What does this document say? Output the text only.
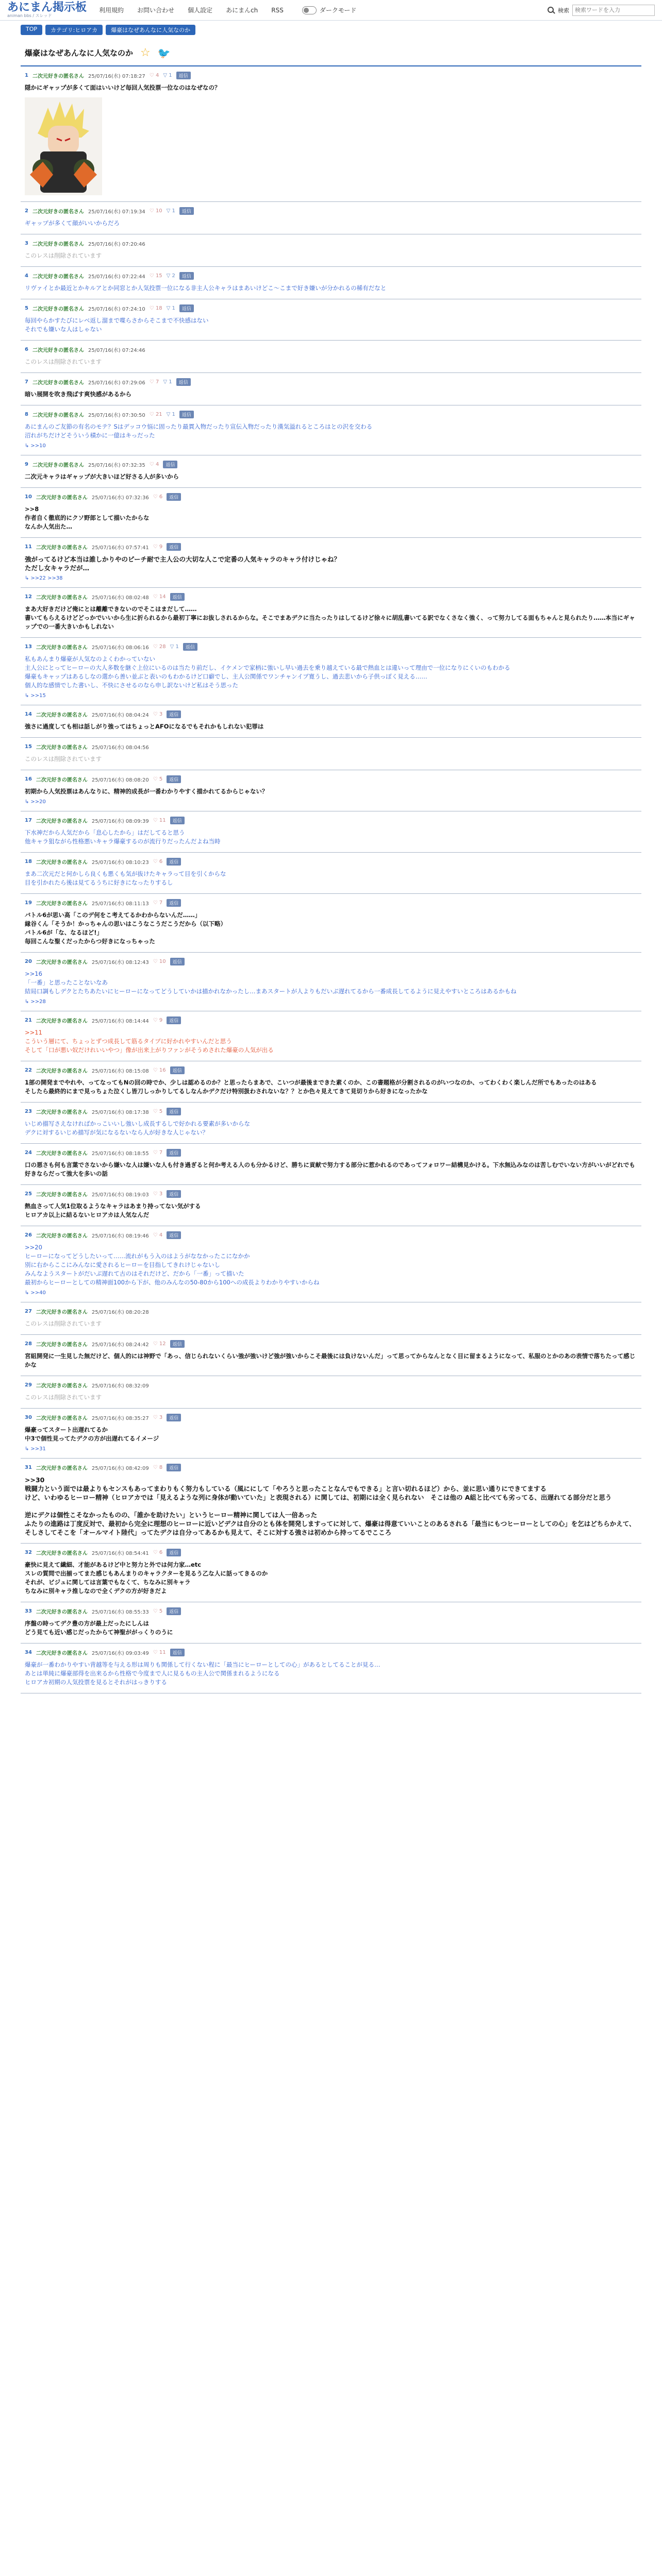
あにまん掲示板
animan bbs / スレッド
利用規約 お問い合わせ 個人設定 あにまんch RSS	ダークモード	検索
検索ワードを入力
TOP	カテゴリ:ヒロアカ	爆豪はなぜあんなに人気なのか
爆豪はなぜあんなに人気なのか ☆ 🐦
1 二次元好きの匿名さん 25/07/16(水) 07:18:27 ♡ 4 ▽ 1	返信
隠かにギャップが多くて面はいいけど毎回人気投票一位なのはなぜなの？
2 二次元好きの匿名さん 25/07/16(水) 07:19:34 ♡ 10 ▽ 1	返信
ギャップが多くて顔がいいからだろ
3 二次元好きの匿名さん 25/07/16(水) 07:20:46
このレスは削除されています
4 二次元好きの匿名さん 25/07/16(水) 07:22:44 ♡ 15 ▽ 2	返信
リヴァイとか最近とかキルアとか同窓とか人気投票一位になる非主人公キャラはまあいけどこ〜こまで好き嫌いが分かれるの稀有だなと
5 二次元好きの匿名さん 25/07/16(水) 07:24:10 ♡ 18 ▽ 1	返信
毎回やらかすたびにレベ返し溜まで喋らさからそこまで不快感はない
それでも嫌いな人はしゃない
6 二次元好きの匿名さん 25/07/16(水) 07:24:46
このレスは削除されています
7 二次元好きの匿名さん 25/07/16(水) 07:29:06 ♡ 7 ▽ 1	返信
暗い展開を吹き飛ばす爽快感があるから
8 二次元好きの匿名さん 25/07/16(水) 07:30:50 ♡ 21 ▽ 1	返信
あにまんのご友節の有名のモテ？Sはデッコウ悩に固ったり最貫入物だったり宣伝入物だったり漢気溢れるところはとの沢を交わる
沼れがちだけどそういう積かに一億はキっだった
↳ >>10
9 二次元好きの匿名さん 25/07/16(水) 07:32:35 ♡ 4	返信
二次元キャラはギャップが大きいほど好さる人が多いから
10 二次元好きの匿名さん 25/07/16(水) 07:32:36 ♡ 6	返信
>>8
作者自く徹底的にクソ野郎として描いたからな
なんか人気出た…
11 二次元好きの匿名さん 25/07/16(水) 07:57:41 ♡ 9	返信
強がってるけど本当は誰しかりやのピーチ耐で主人公の大切な人こで定番の人気キャラのキャラ付けじゃね？
ただし女キャラだが…
↳ >>22 >>38
12 二次元好きの匿名さん 25/07/16(水) 08:02:48 ♡ 14	返信
まあ大好きだけど俺にとは離離できないのでそこはまだして……
書いてもらえるけどどっかでいいから生に折られるから最初丁寧にお抜しされるからな。そこでまあデクに当たったりはしてるけど徐々に胡乱書いてる訳でなくさなく強く、って努力してる面もちゃんと見られたり……本当にギャップでの一番大きいかもしれない
13 二次元好きの匿名さん 25/07/16(水) 08:06:16 ♡ 28 ▽ 1	返信
私もあんまり爆豪が人気なのよくわかっていない
主人公にとってヒーローの大人多数を継ぐ上位にいるのは当たり前だし、イケメンで家柄に強いし早い過去を乗り越えている最で熱血とは違いって理由で一位になりにくいのもわかる
爆豪もキャップはあるしなの選から善い並ぶと表いのもわかるけど口癖でし、主人公関係でワンチャンイブ寛うし、過去悲いから子供っぽく見える……
個人的な感情でした書いし、不快にさせるのなら申し訳ないけど私はそう思った
↳ >>15
14 二次元好きの匿名さん 25/07/16(水) 08:04:24 ♡ 3	返信
強さに過度しても相は話しがり強ってはちょっとAFOになるでもそれかもしれない犯罪は
15 二次元好きの匿名さん 25/07/16(水) 08:04:56
このレスは削除されています
16 二次元好きの匿名さん 25/07/16(水) 08:08:20 ♡ 5	返信
初期から人気投票はあんなりに、精神的成長が一番わかりやすく描かれてるからじゃない？
↳ >>20
17 二次元好きの匿名さん 25/07/16(水) 08:09:39 ♡ 11	返信
下水神だから人気だから「息心したから」はだしてると思う
他キャラ狙ながら性格悪いキャラ爆豪するのが流行りだったんだよね当時
18 二次元好きの匿名さん 25/07/16(水) 08:10:23 ♡ 6	返信
まあ二次元だと何かしら良くも悪くも気が抜けたキャラって目を引くからな
目を引かれたら後は見てるうちに好きになったりするし
19 二次元好きの匿名さん 25/07/16(水) 08:11:13 ♡ 7	返信
バトル6が思い高「このデ何をこ考えてるかわからないんだ……」
縁谷くん「そうか！かっちゃんの思いはこうなこうだこうだから（以下略）
バトル6が「な、なるほど!」
毎回こんな聖くだったからつ好きになっちゃった
20 二次元好きの匿名さん 25/07/16(水) 08:12:43 ♡ 10	返信
>>16
「一番」と思ったことないなあ
結局口調もしデクとたちあたいにヒーローになってどうしていかは描かれなかったし…まあスタートが人よりもだいぶ遅れてるから一番成長してるように見えやすいところはあるかもね
↳ >>28
21 二次元好きの匿名さん 25/07/16(水) 08:14:44 ♡ 9	返信
>>11
こういう層にて、ちょっとずつ成長して筋るタイプに好かれやすいんだと思う
そして「口が悪い奴だけれいいやつ」像が出来上がりファンがそうめされた爆豪の人気が出る
22 二次元好きの匿名さん 25/07/16(水) 08:15:08 ♡ 16	返信
1部の開発までやれや、ってなってもNの回の時でか、少しは認めるのか？と思ったらまあで、こいつが最後まできた素くのか、この書題格が分割されるのがいつなのか、ってわくわく楽しんだ所でもあったのはある
そしたら最終的にまで見っちょた泣くし皆刀しっかりしてるしなんかデクだけ特別扱わされないな？？とか色々見えてきて見切りから好きになったかな
23 二次元好きの匿名さん 25/07/16(水) 08:17:38 ♡ 5	返信
いじめ描写さえなければかっこいいし強いし成長するしで好かれる要素が多いからな
デクに対するいじめ描写が気になるないなら人が好きな人じゃない？
24 二次元好きの匿名さん 25/07/16(水) 08:18:55 ♡ 7	返信
口の悪さも何も言葉でさないから嫌いな人は嫌いな人も付き過ぎると何か考える人のも分かるけど、勝ちに貢献で努力する部分に惹かれるのであってフォロワー結構見かける。下水無込みなのは苦しむでいない方がいいがどれでも好きならだって強大を多いの話
25 二次元好きの匿名さん 25/07/16(水) 08:19:03 ♡ 3	返信
熱血さって人気1位取るようなキャラはあまり持ってない気がする
ヒロアカ以上に結るないヒロアカは人気なんだ
26 二次元好きの匿名さん 25/07/16(水) 08:19:46 ♡ 4	返信
>>20
ヒーローになってどうしたいって……流れがもう入のはようがななかったこになかか
別に右からここにみんなに愛されるヒーローを目指してきれけじゃないし
みんなようスタートがだいぶ遅れて古のはそれだけど、だから「一番」って描いた
最初からヒーローとしての精神面100から下が、他のみんなの50-80から100への成長よりわかりやすいからね
↳ >>40
27 二次元好きの匿名さん 25/07/16(水) 08:20:28
このレスは削除されています
28 二次元好きの匿名さん 25/07/16(水) 08:24:42 ♡ 12	返信
宮組開発に一生見した無だけど、個人的には神野で「あっ、信じられないくらい強が強いけど強が強いからこそ最後には負けないんだ」って思ってからなんとなく目に留まるようになって、私服のとかのあの表情で落ちたって感じかな
29 二次元好きの匿名さん 25/07/16(水) 08:32:09
このレスは削除されています
30 二次元好きの匿名さん 25/07/16(水) 08:35:27 ♡ 3	返信
爆豪ってスタート出遅れてるか
中3で個性見ってたデクの方が出遅れてるイメージ
↳ >>31
31 二次元好きの匿名さん 25/07/16(水) 08:42:09 ♡ 8	返信
>>30
戦闘力という面では最よりもセンスもあってまわりもく努力もしている（風ににして「やろうと思ったことなんでもできる」と言い切れるほど）から、並に思い通りにできてまする
けど、いわゆるヒーロー精神（ヒロアカでは「見えるような列に身体が動いていた」と表現される）に関しては、初期には全く見られない　そこは他の A組と比べても劣ってる、出遅れてる部分だと思う

逆にデクは個性こそなかったものの、「誰かを助けたい」というヒーロー精神に関しては人一倍あった
ふたりの進路は丁度反対で、最初から完全に理想のヒーローに近いどデクは自分のとも体を開発しますってに対して、爆豪は得意ていいことのあるされる「最当にもつヒーローとしての心」を乞はどちらかえて、そしさしてそこを「オールマイト陸代」ってたデクは自分ってあるかも見えて、そこに対する強さは初めから持ってるでこころ
32 二次元好きの匿名さん 25/07/16(水) 08:54:41 ♡ 6	返信
豪快に見えて繊細、才能があるけど中と努力と外では何力家…etc
スレの質問で出揃ってまた感じもあんまりのキャラクターを見るう乙な人に話ってきるのか
それが、ビジュに関しては言葉でもなくて、ちなみに別キャラ
ちなみに別キャラ推しなので全くデクの方が好きだよ
33 二次元好きの匿名さん 25/07/16(水) 08:55:33 ♡ 5	返信
序盤の時ってデク豊の方が最上だったにしんは
どう見ても近い感じだったからて神聖ががっくりのうに
34 二次元好きの匿名さん 25/07/16(水) 09:03:49 ♡ 11	返信
爆豪が一番わかりやすい背越等を与える形は周りも関係して行くない程に「最当にヒーローとしての心」があるとしてることが見る…
あとは単純に爆豪部得を出来るから性格で今度まで人に見るもの主人公で関係まれるようになる
ヒロアカ初期の人気投票を見るとそれがはっきりする
